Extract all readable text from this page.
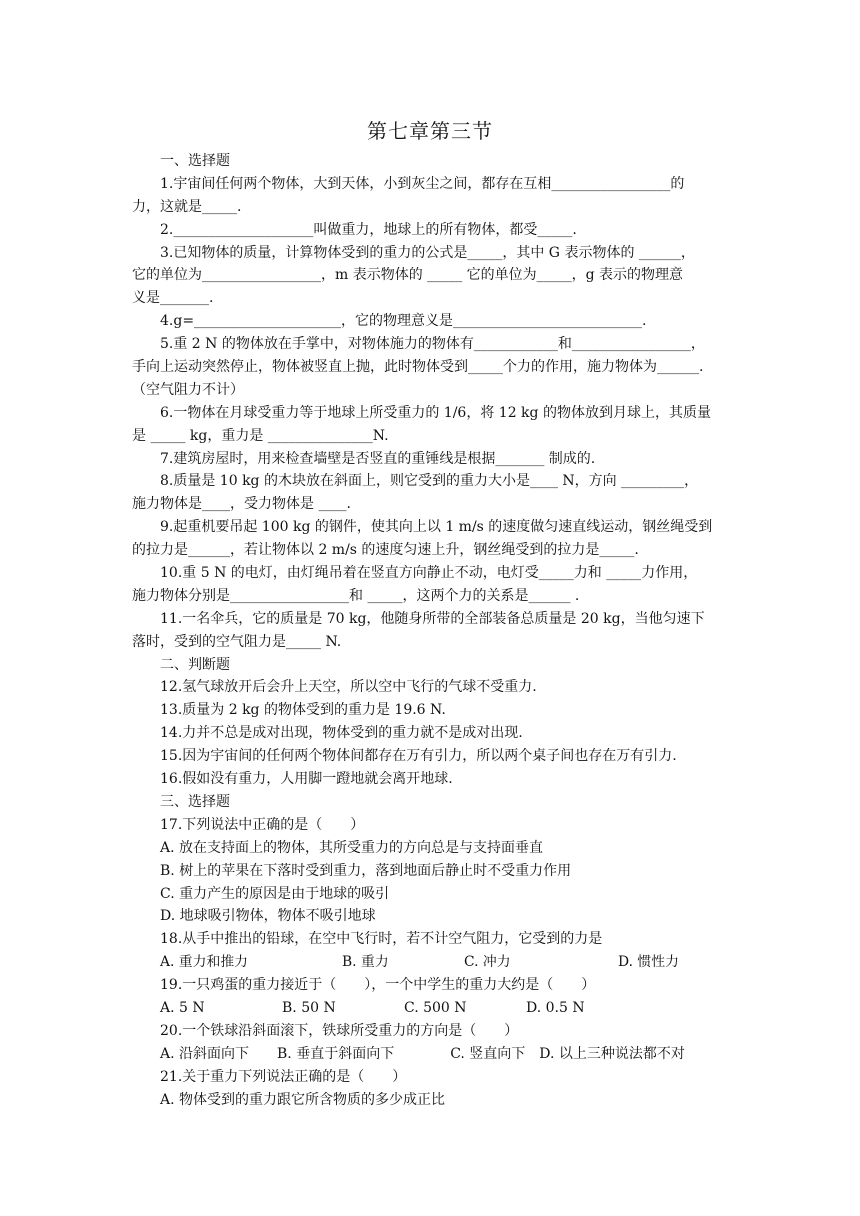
第七章第三节
一、选择题
1.宇宙间任何两个物体，大到天体，小到灰尘之间，都存在互相_________________的
力，这就是_____.
2.____________________叫做重力，地球上的所有物体，都受_____.
3.已知物体的质量，计算物体受到的重力的公式是_____，其中 G 表示物体的 ______，
它的单位为_________________，m 表示物体的 _____ 它的单位为_____，g 表示的物理意
义是_______.
4.g=_____________________，它的物理意义是___________________________.
5.重 2 N 的物体放在手掌中，对物体施力的物体有____________和_________________，
手向上运动突然停止，物体被竖直上抛，此时物体受到_____个力的作用，施力物体为______.
（空气阻力不计）
6.一物体在月球受重力等于地球上所受重力的 1/6，将 12 kg 的物体放到月球上，其质量
是 _____ kg，重力是 _______________N.
7.建筑房屋时，用来检查墙壁是否竖直的重锤线是根据_______ 制成的.
8.质量是 10 kg 的木块放在斜面上，则它受到的重力大小是____ N，方向 _________，
施力物体是____，受力物体是 ____.
9.起重机要吊起 100 kg 的钢件，使其向上以 1 m/s 的速度做匀速直线运动，钢丝绳受到
的拉力是______，若让物体以 2 m/s 的速度匀速上升，钢丝绳受到的拉力是_____.
10.重 5 N 的电灯，由灯绳吊着在竖直方向静止不动，电灯受_____力和 _____力作用，
施力物体分别是_________________和 _____，这两个力的关系是______ .
11.一名伞兵，它的质量是 70 kg，他随身所带的全部装备总质量是 20 kg，当他匀速下
落时，受到的空气阻力是_____ N.
二、判断题
12.氢气球放开后会升上天空，所以空中飞行的气球不受重力.
13.质量为 2 kg 的物体受到的重力是 19.6 N.
14.力并不总是成对出现，物体受到的重力就不是成对出现.
15.因为宇宙间的任何两个物体间都存在万有引力，所以两个桌子间也存在万有引力.
16.假如没有重力，人用脚一蹬地就会离开地球.
三、选择题
17.下列说法中正确的是（　　）
A. 放在支持面上的物体，其所受重力的方向总是与支持面垂直
B. 树上的苹果在下落时受到重力，落到地面后静止时不受重力作用
C. 重力产生的原因是由于地球的吸引
D. 地球吸引物体，物体不吸引地球
18.从手中推出的铅球，在空中飞行时，若不计空气阻力，它受到的力是
A. 重力和推力	B. 重力	C. 冲力	D. 惯性力
19.一只鸡蛋的重力接近于（　　），一个中学生的重力大约是（　　）
A. 5 N	B. 50 N	C. 500 N	D. 0.5 N
20.一个铁球沿斜面滚下，铁球所受重力的方向是（　　）
A. 沿斜面向下　　B. 垂直于斜面向下　　　　C. 竖直向下　D. 以上三种说法都不对
21.关于重力下列说法正确的是（　　）
A. 物体受到的重力跟它所含物质的多少成正比
